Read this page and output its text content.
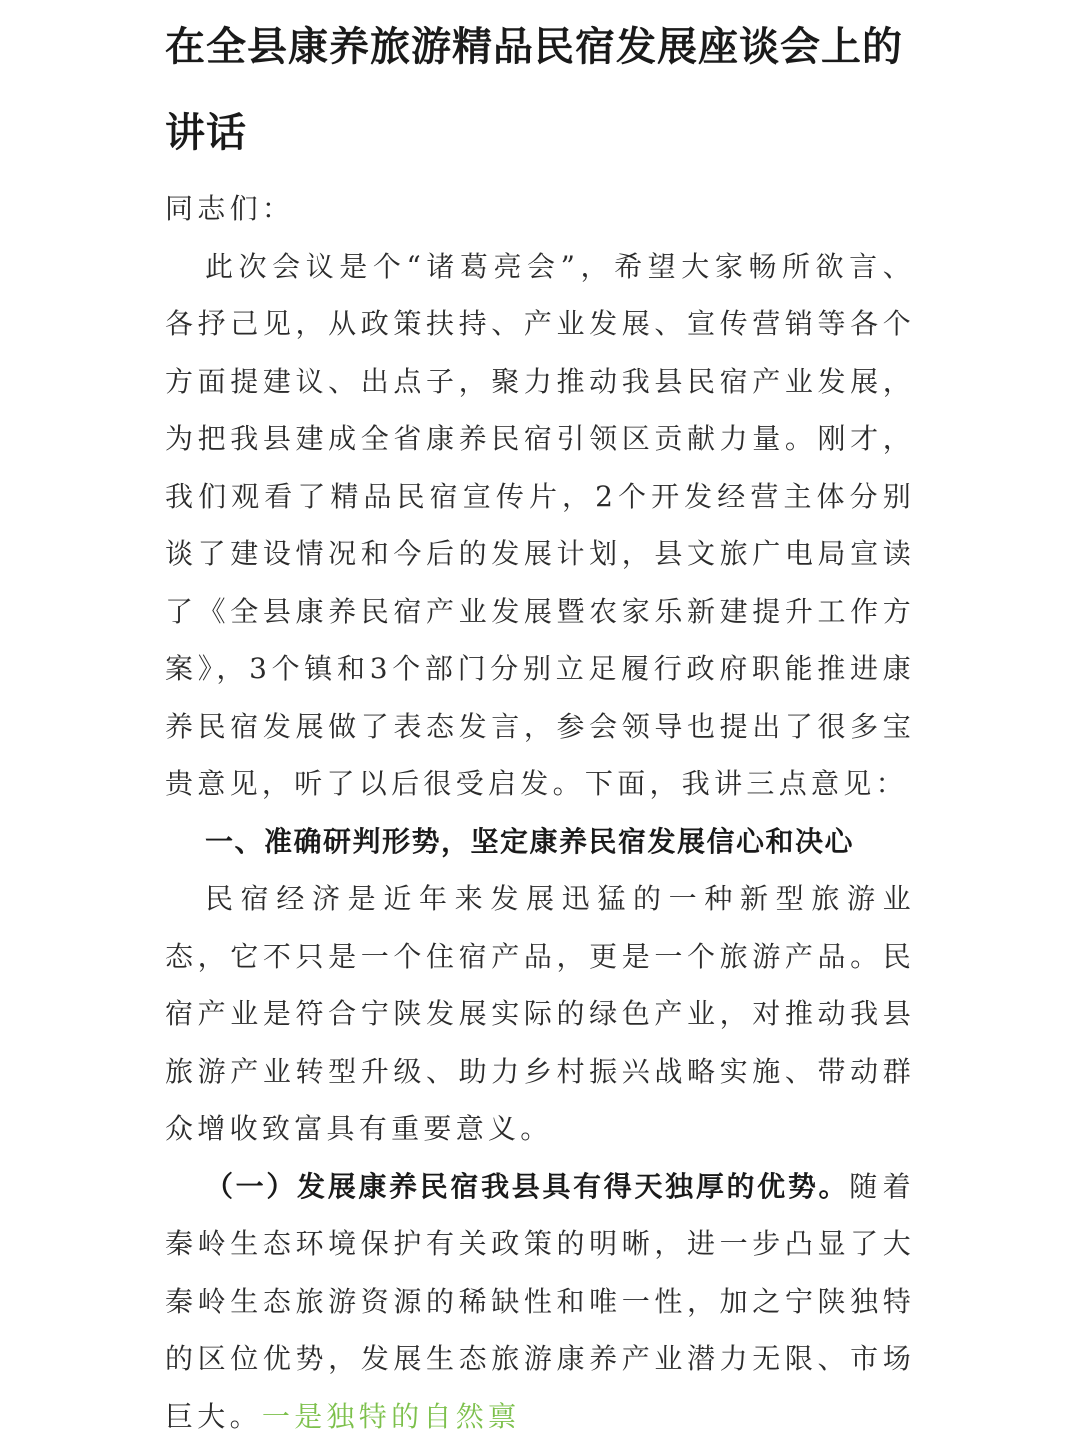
在全县康养旅游精品民宿发展座谈会上的讲话

同志们：

此次会议是个“诸葛亮会”，希望大家畅所欲言、各抒己见，从政策扶持、产业发展、宣传营销等各个方面提建议、出点子，聚力推动我县民宿产业发展，为把我县建成全省康养民宿引领区贡献力量。刚才，我们观看了精品民宿宣传片，2个开发经营主体分别谈了建设情况和今后的发展计划，县文旅广电局宣读了《全县康养民宿产业发展暨农家乐新建提升工作方案》，3个镇和3个部门分别立足履行政府职能推进康养民宿发展做了表态发言，参会领导也提出了很多宝贵意见，听了以后很受启发。下面，我讲三点意见：

一、准确研判形势，坚定康养民宿发展信心和决心

民宿经济是近年来发展迅猛的一种新型旅游业态，它不只是一个住宿产品，更是一个旅游产品。民宿产业是符合宁陕发展实际的绿色产业，对推动我县旅游产业转型升级、助力乡村振兴战略实施、带动群众增收致富具有重要意义。

（一）发展康养民宿我县具有得天独厚的优势。随着秦岭生态环境保护有关政策的明晰，进一步凸显了大秦岭生态旅游资源的稀缺性和唯一性，加之宁陕独特的区位优势，发展生态旅游康养产业潜力无限、市场巨大。一是独特的自然禀
